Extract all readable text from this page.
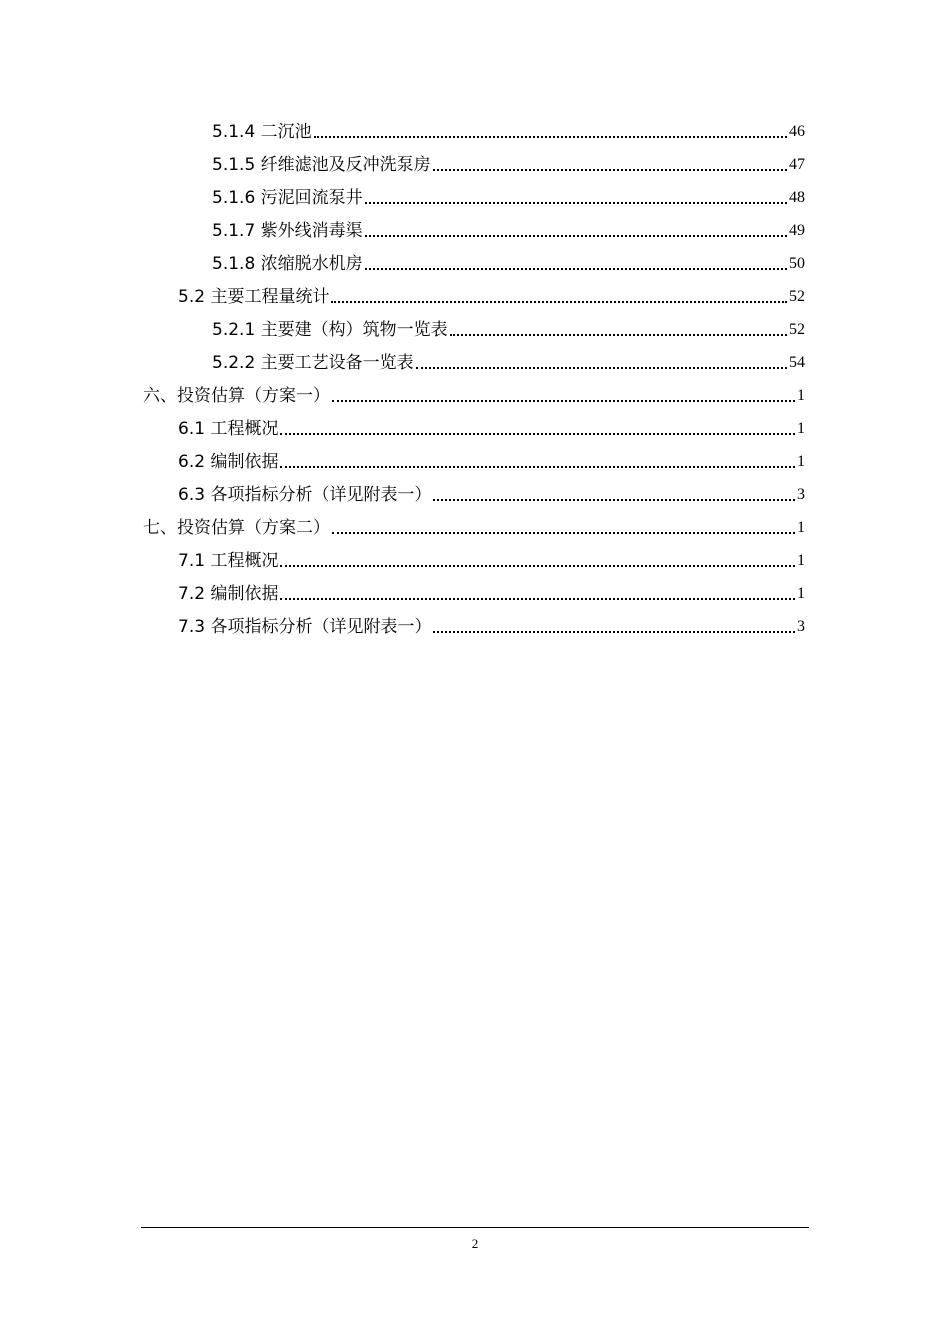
5.1.4 二沉池	46
5.1.5 纤维滤池及反冲洗泵房	47
5.1.6 污泥回流泵井	48
5.1.7 紫外线消毒渠	49
5.1.8 浓缩脱水机房	50
5.2 主要工程量统计	52
5.2.1 主要建（构）筑物一览表	52
5.2.2 主要工艺设备一览表	54
六、投资估算（方案一）	1
6.1 工程概况	1
6.2 编制依据	1
6.3 各项指标分析（详见附表一）	3
七、投资估算（方案二）	1
7.1 工程概况	1
7.2 编制依据	1
7.3 各项指标分析（详见附表一）	3
2
